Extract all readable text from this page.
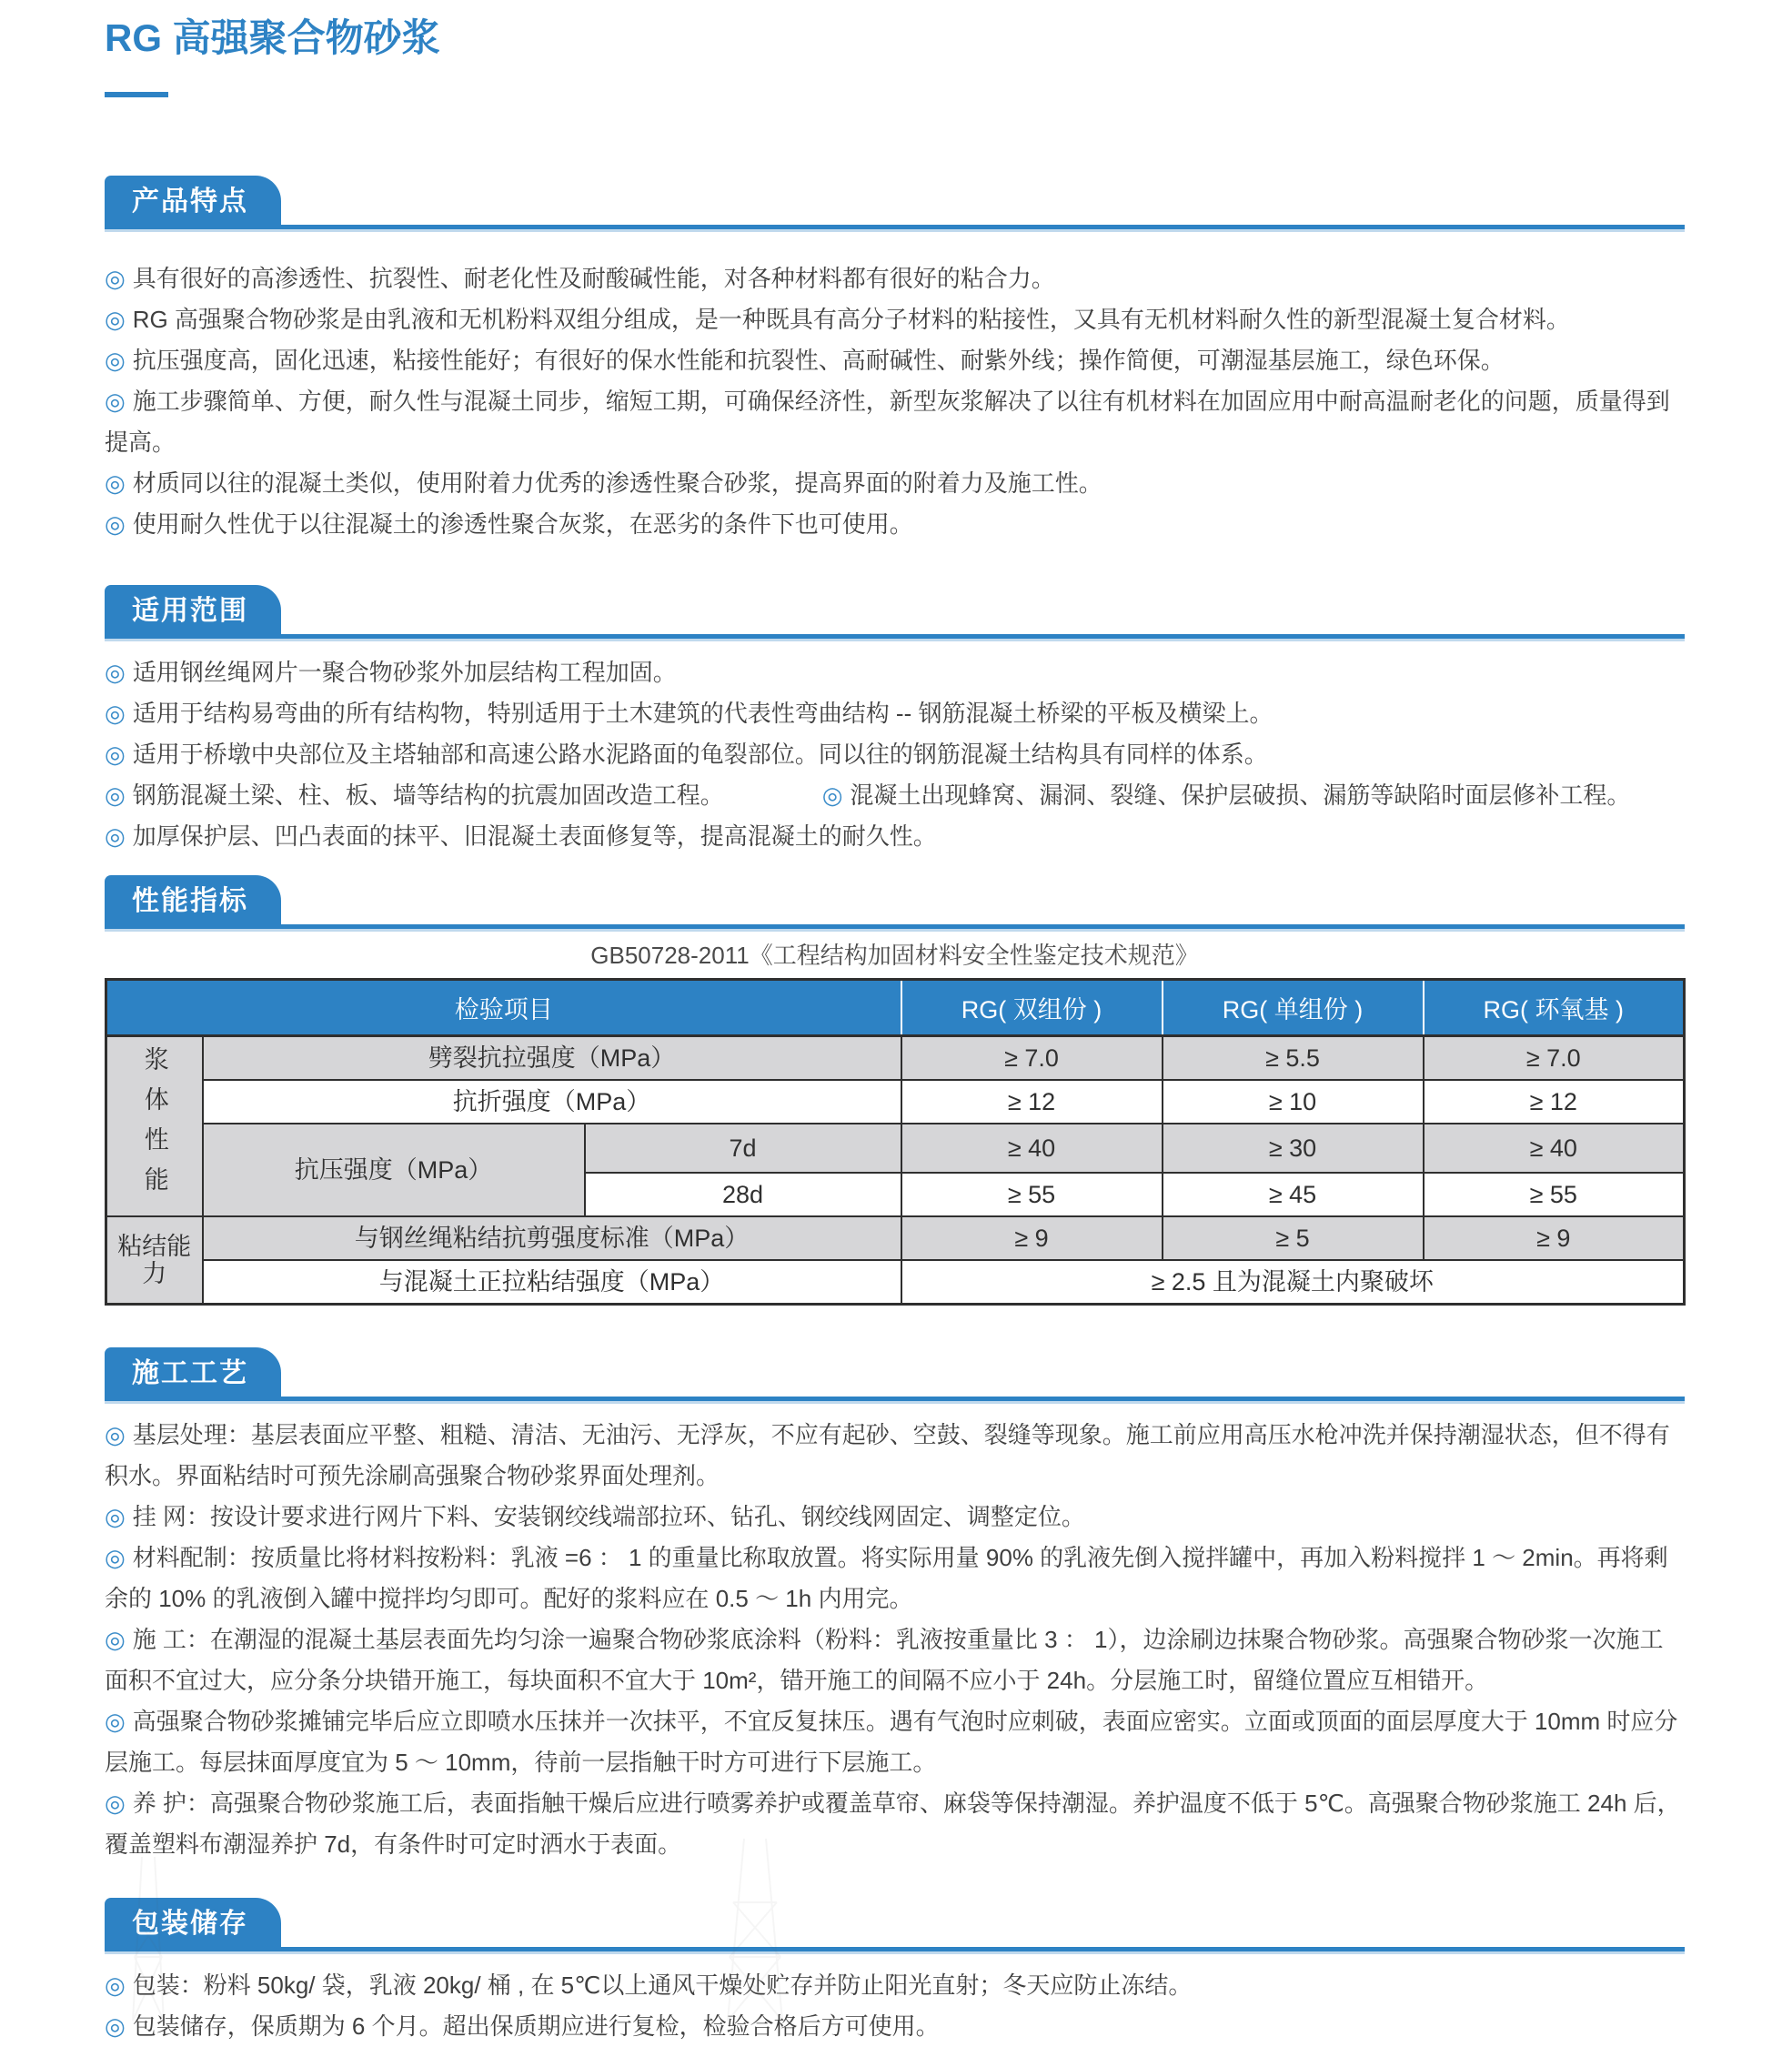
RG 高强聚合物砂浆
产品特点
◎ 具有很好的高渗透性、抗裂性、耐老化性及耐酸碱性能，对各种材料都有很好的粘合力。
◎ RG 高强聚合物砂浆是由乳液和无机粉料双组分组成，是一种既具有高分子材料的粘接性，又具有无机材料耐久性的新型混凝土复合材料。
◎ 抗压强度高，固化迅速，粘接性能好；有很好的保水性能和抗裂性、高耐碱性、耐紫外线；操作简便，可潮湿基层施工，绿色环保。
◎ 施工步骤简单、方便，耐久性与混凝土同步，缩短工期，可确保经济性，新型灰浆解决了以往有机材料在加固应用中耐高温耐老化的问题，质量得到提高。
◎ 材质同以往的混凝土类似，使用附着力优秀的渗透性聚合砂浆，提高界面的附着力及施工性。
◎ 使用耐久性优于以往混凝土的渗透性聚合灰浆，在恶劣的条件下也可使用。
适用范围
◎ 适用钢丝绳网片一聚合物砂浆外加层结构工程加固。
◎ 适用于结构易弯曲的所有结构物，特别适用于土木建筑的代表性弯曲结构 -- 钢筋混凝土桥梁的平板及横梁上。
◎ 适用于桥墩中央部位及主塔轴部和高速公路水泥路面的龟裂部位。同以往的钢筋混凝土结构具有同样的体系。
◎ 钢筋混凝土梁、柱、板、墙等结构的抗震加固改造工程。	◎ 混凝土出现蜂窝、漏洞、裂缝、保护层破损、漏筋等缺陷时面层修补工程。
◎ 加厚保护层、凹凸表面的抹平、旧混凝土表面修复等，提高混凝土的耐久性。
性能指标
GB50728-2011《工程结构加固材料安全性鉴定技术规范》
检验项目			RG( 双组份 )	RG( 单组份 )	RG( 环氧基 )
浆体性能	劈裂抗拉强度（MPa）		≥ 7.0	≥ 5.5	≥ 7.0
	抗折强度（MPa）		≥ 12	≥ 10	≥ 12
	抗压强度（MPa）	7d	≥ 40	≥ 30	≥ 40
		28d	≥ 55	≥ 45	≥ 55
粘结能力	与钢丝绳粘结抗剪强度标准（MPa）		≥ 9	≥ 5	≥ 9
	与混凝土正拉粘结强度（MPa）		≥ 2.5 且为混凝土内聚破坏		
施工工艺
◎ 基层处理：基层表面应平整、粗糙、清洁、无油污、无浮灰，不应有起砂、空鼓、裂缝等现象。施工前应用高压水枪冲洗并保持潮湿状态，但不得有积水。界面粘结时可预先涂刷高强聚合物砂浆界面处理剂。
◎ 挂 网：按设计要求进行网片下料、安装钢绞线端部拉环、钻孔、钢绞线网固定、调整定位。
◎ 材料配制：按质量比将材料按粉料：乳液 =6 ： 1 的重量比称取放置。将实际用量 90% 的乳液先倒入搅拌罐中，再加入粉料搅拌 1 ～ 2min。再将剩余的 10% 的乳液倒入罐中搅拌均匀即可。配好的浆料应在 0.5 ～ 1h 内用完。
◎ 施 工：在潮湿的混凝土基层表面先均匀涂一遍聚合物砂浆底涂料（粉料：乳液按重量比 3 ： 1），边涂刷边抹聚合物砂浆。高强聚合物砂浆一次施工面积不宜过大，应分条分块错开施工，每块面积不宜大于 10m²，错开施工的间隔不应小于 24h。分层施工时，留缝位置应互相错开。
◎ 高强聚合物砂浆摊铺完毕后应立即喷水压抹并一次抹平，不宜反复抹压。遇有气泡时应刺破，表面应密实。立面或顶面的面层厚度大于 10mm 时应分层施工。每层抹面厚度宜为 5 ～ 10mm，待前一层指触干时方可进行下层施工。
◎ 养 护：高强聚合物砂浆施工后，表面指触干燥后应进行喷雾养护或覆盖草帘、麻袋等保持潮湿。养护温度不低于 5℃。高强聚合物砂浆施工 24h 后，覆盖塑料布潮湿养护 7d，有条件时可定时洒水于表面。
包装储存
◎ 包装：粉料 50kg/ 袋，乳液 20kg/ 桶 , 在 5℃以上通风干燥处贮存并防止阳光直射；冬天应防止冻结。
◎ 包装储存，保质期为 6 个月。超出保质期应进行复检，检验合格后方可使用。
